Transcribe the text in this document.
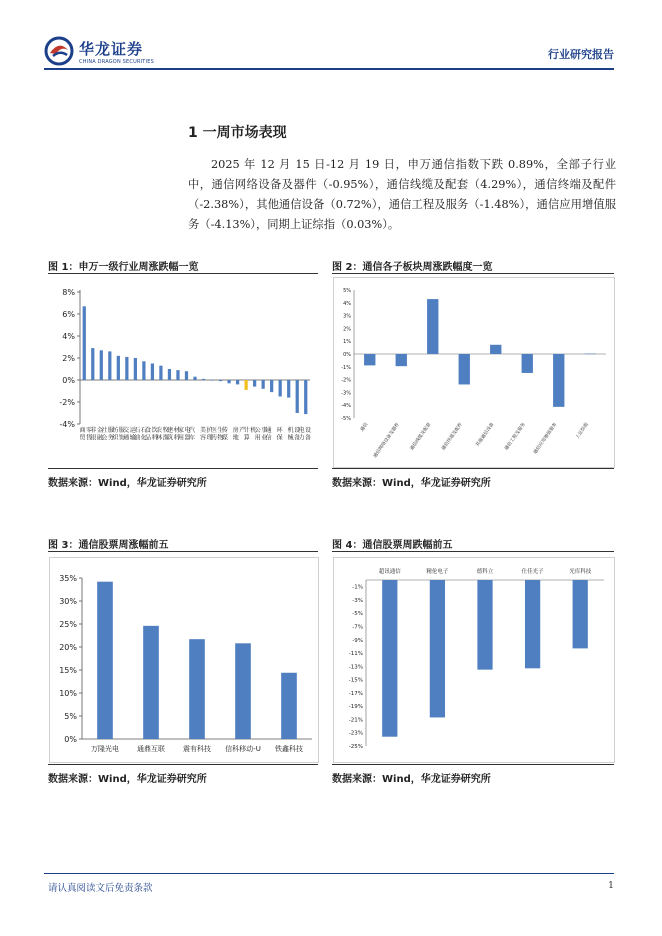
华龙证券
CHINA DRAGON SECURITIES
行业研究报告
1 一周市场表现
2025 年 12 月 15 日-12 月 19 日，申万通信指数下跌 0.89%，全部子行业中，通信网络设备及器件（-0.95%），通信线缆及配套（4.29%），通信终端及配件（-2.38%），其他通信设备（0.72%），通信工程及服务（-1.48%），通信应用增值服务（-4.13%），同期上证综指（0.03%）。
图 1：申万一级行业周涨跌幅一览
8%
6%
4%
2%
0%
-2%
-4%
商
贸
零
售
非
银
金
融
社
会
服
务
纺
织
服
饰
交
通
运
输
石
油
石
化
食
品
饮
料
农
林
牧
渔
建
筑
材
料
家
用
电
器
汽
车
美
容
护
理
医
药
生
物
传
媒
房
地
产
计
算
机
公
用
事
业
通
信
环
保
机
械
设
备
电
力
设
备
数据来源：Wind，华龙证券研究所
图 2：通信各子板块周涨跌幅度一览
5%
4%
3%
2%
1%
0%
-1%
-2%
-3%
-4%
-5%
通信 通信网络设备及器件	通信线缆及配套	通信终端及配件	其他通信设备	通信工程及服务	通信应用增值服务	上证综指
数据来源：Wind，华龙证券研究所
图 3：通信股票周涨幅前五
35%
30%
25%
20%
15%
10%
5%
0%
万隆光电	通鼎互联	震有科技 信科移动-U 铁鑫科技
数据来源：Wind，华龙证券研究所
图 4：通信股票周跌幅前五
-1%
-3%
-5%
-7%
-9%
-11%
-13%
-15%
-17%
-19%
-21%
-23%
-25%
超讯通信	精伦电子	德科立	仕佳光子	光库科技
数据来源：Wind，华龙证券研究所
请认真阅读文后免责条款	1
